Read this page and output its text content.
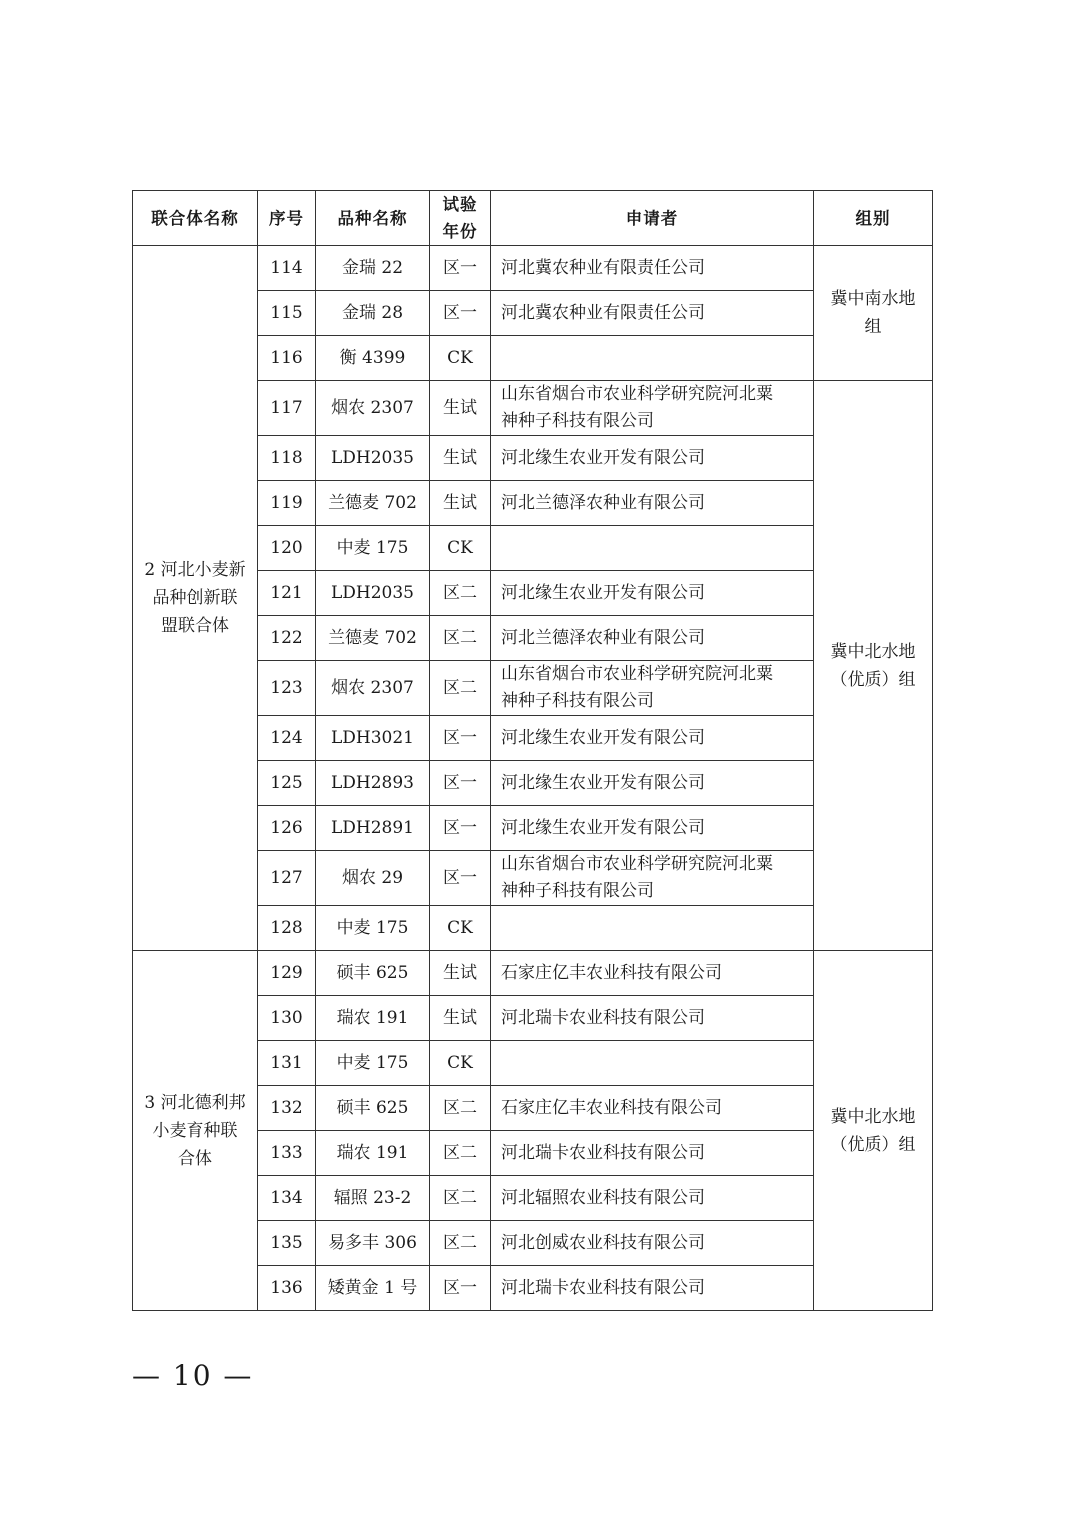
联合体名称	序号	品种名称	试验
年份	申请者	组别
2 河北小麦新
品种创新联
盟联合体	114	金瑞 22	区一	河北冀农种业有限责任公司	冀中南水地
组
	115	金瑞 28	区一	河北冀农种业有限责任公司	
	116	衡 4399	CK		
	117	烟农 2307	生试	山东省烟台市农业科学研究院河北粟
神种子科技有限公司	冀中北水地
（优质）组
	118	LDH2035	生试	河北缘生农业开发有限公司	
	119	兰德麦 702	生试	河北兰德泽农种业有限公司	
	120	中麦 175	CK		
	121	LDH2035	区二	河北缘生农业开发有限公司	
	122	兰德麦 702	区二	河北兰德泽农种业有限公司	
	123	烟农 2307	区二	山东省烟台市农业科学研究院河北粟
神种子科技有限公司	
	124	LDH3021	区一	河北缘生农业开发有限公司	
	125	LDH2893	区一	河北缘生农业开发有限公司	
	126	LDH2891	区一	河北缘生农业开发有限公司	
	127	烟农 29	区一	山东省烟台市农业科学研究院河北粟
神种子科技有限公司	
	128	中麦 175	CK		
3 河北德利邦
小麦育种联
合体	129	硕丰 625	生试	石家庄亿丰农业科技有限公司	冀中北水地
（优质）组
	130	瑞农 191	生试	河北瑞卡农业科技有限公司	
	131	中麦 175	CK		
	132	硕丰 625	区二	石家庄亿丰农业科技有限公司	
	133	瑞农 191	区二	河北瑞卡农业科技有限公司	
	134	辐照 23-2	区二	河北辐照农业科技有限公司	
	135	易多丰 306	区二	河北创威农业科技有限公司	
	136	矮黄金 1 号	区一	河北瑞卡农业科技有限公司	
— 10 —
